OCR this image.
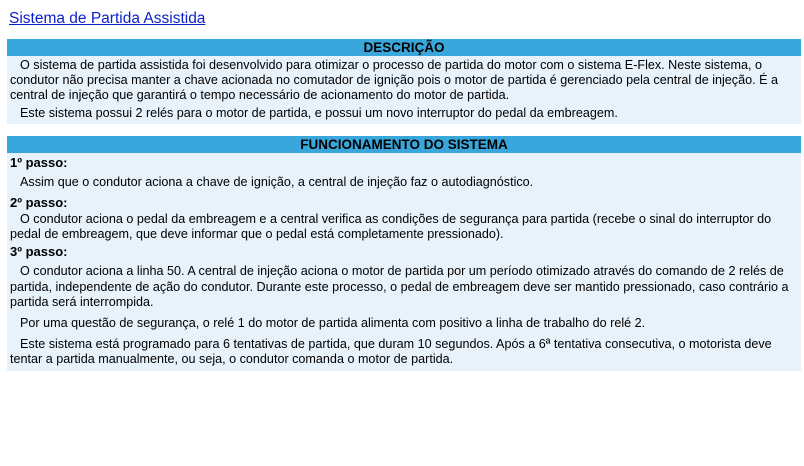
Sistema de Partida Assistida
DESCRIÇÃO

O sistema de partida assistida foi desenvolvido para otimizar o processo de partida do motor com o sistema E-Flex. Neste sistema, o condutor não precisa manter a chave acionada no comutador de ignição pois o motor de partida é gerenciado pela central de injeção. É a central de injeção que garantirá o tempo necessário de acionamento do motor de partida.

Este sistema possui 2 relés para o motor de partida, e possui um novo interruptor do pedal da embreagem.

FUNCIONAMENTO DO SISTEMA

1º passo:

Assim que o condutor aciona a chave de ignição, a central de injeção faz o autodiagnóstico.

2º passo:

O condutor aciona o pedal da embreagem e a central verifica as condições de segurança para partida (recebe o sinal do interruptor do pedal de embreagem, que deve informar que o pedal está completamente pressionado).

3º passo:

O condutor aciona a linha 50. A central de injeção aciona o motor de partida por um período otimizado através do comando de 2 relés de partida, independente de ação do condutor. Durante este processo, o pedal de embreagem deve ser mantido pressionado, caso contrário a partida será interrompida.

Por uma questão de segurança, o relé 1 do motor de partida alimenta com positivo a linha de trabalho do relé 2.

Este sistema está programado para 6 tentativas de partida, que duram 10 segundos. Após a 6ª tentativa consecutiva, o motorista deve tentar a partida manualmente, ou seja, o condutor comanda o motor de partida.
